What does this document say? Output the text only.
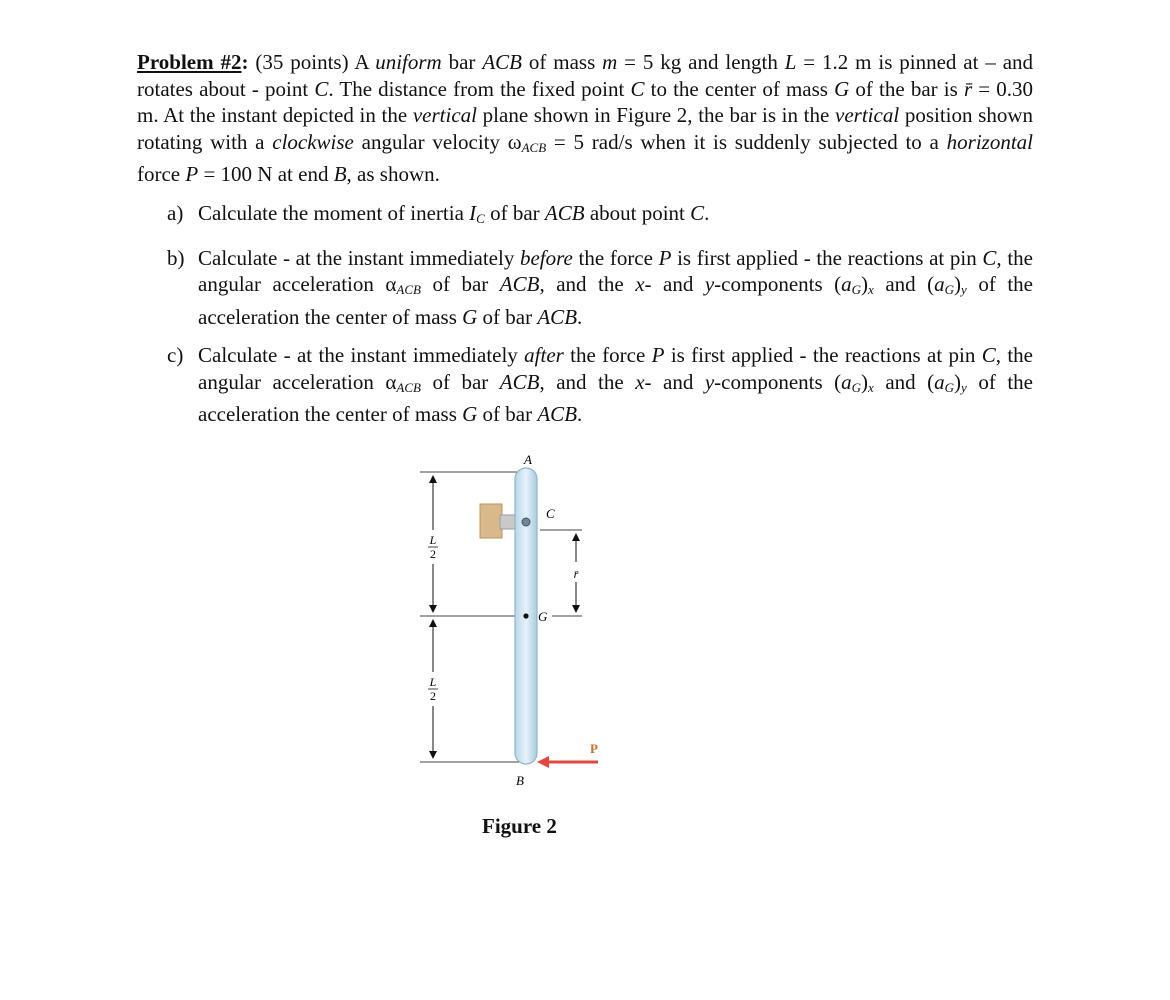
Problem #2: (35 points) A uniform bar ACB of mass m = 5 kg and length L = 1.2 m is pinned at – and rotates about - point C. The distance from the fixed point C to the center of mass G of the bar is r̄ = 0.30 m. At the instant depicted in the vertical plane shown in Figure 2, the bar is in the vertical position shown rotating with a clockwise angular velocity $\omega_{ACB} = 5$ rad/s when it is suddenly subjected to a horizontal force P = 100 N at end B, as shown.
a) Calculate the moment of inertia $I_C$ of bar ACB about point C.
b) Calculate - at the instant immediately before the force P is first applied - the reactions at pin C, the angular acceleration $\alpha_{ACB}$ of bar ACB, and the x- and y-components $(a_G)_x$ and $(a_G)_y$ of the acceleration the center of mass G of bar ACB.
c) Calculate - at the instant immediately after the force P is first applied - the reactions at pin C, the angular acceleration $\alpha_{ACB}$ of bar ACB, and the x- and y-components $(a_G)_x$ and $(a_G)_y$ of the acceleration the center of mass G of bar ACB.
L
2
L
2
r̄
A
C
G
B
P
Figure 2
